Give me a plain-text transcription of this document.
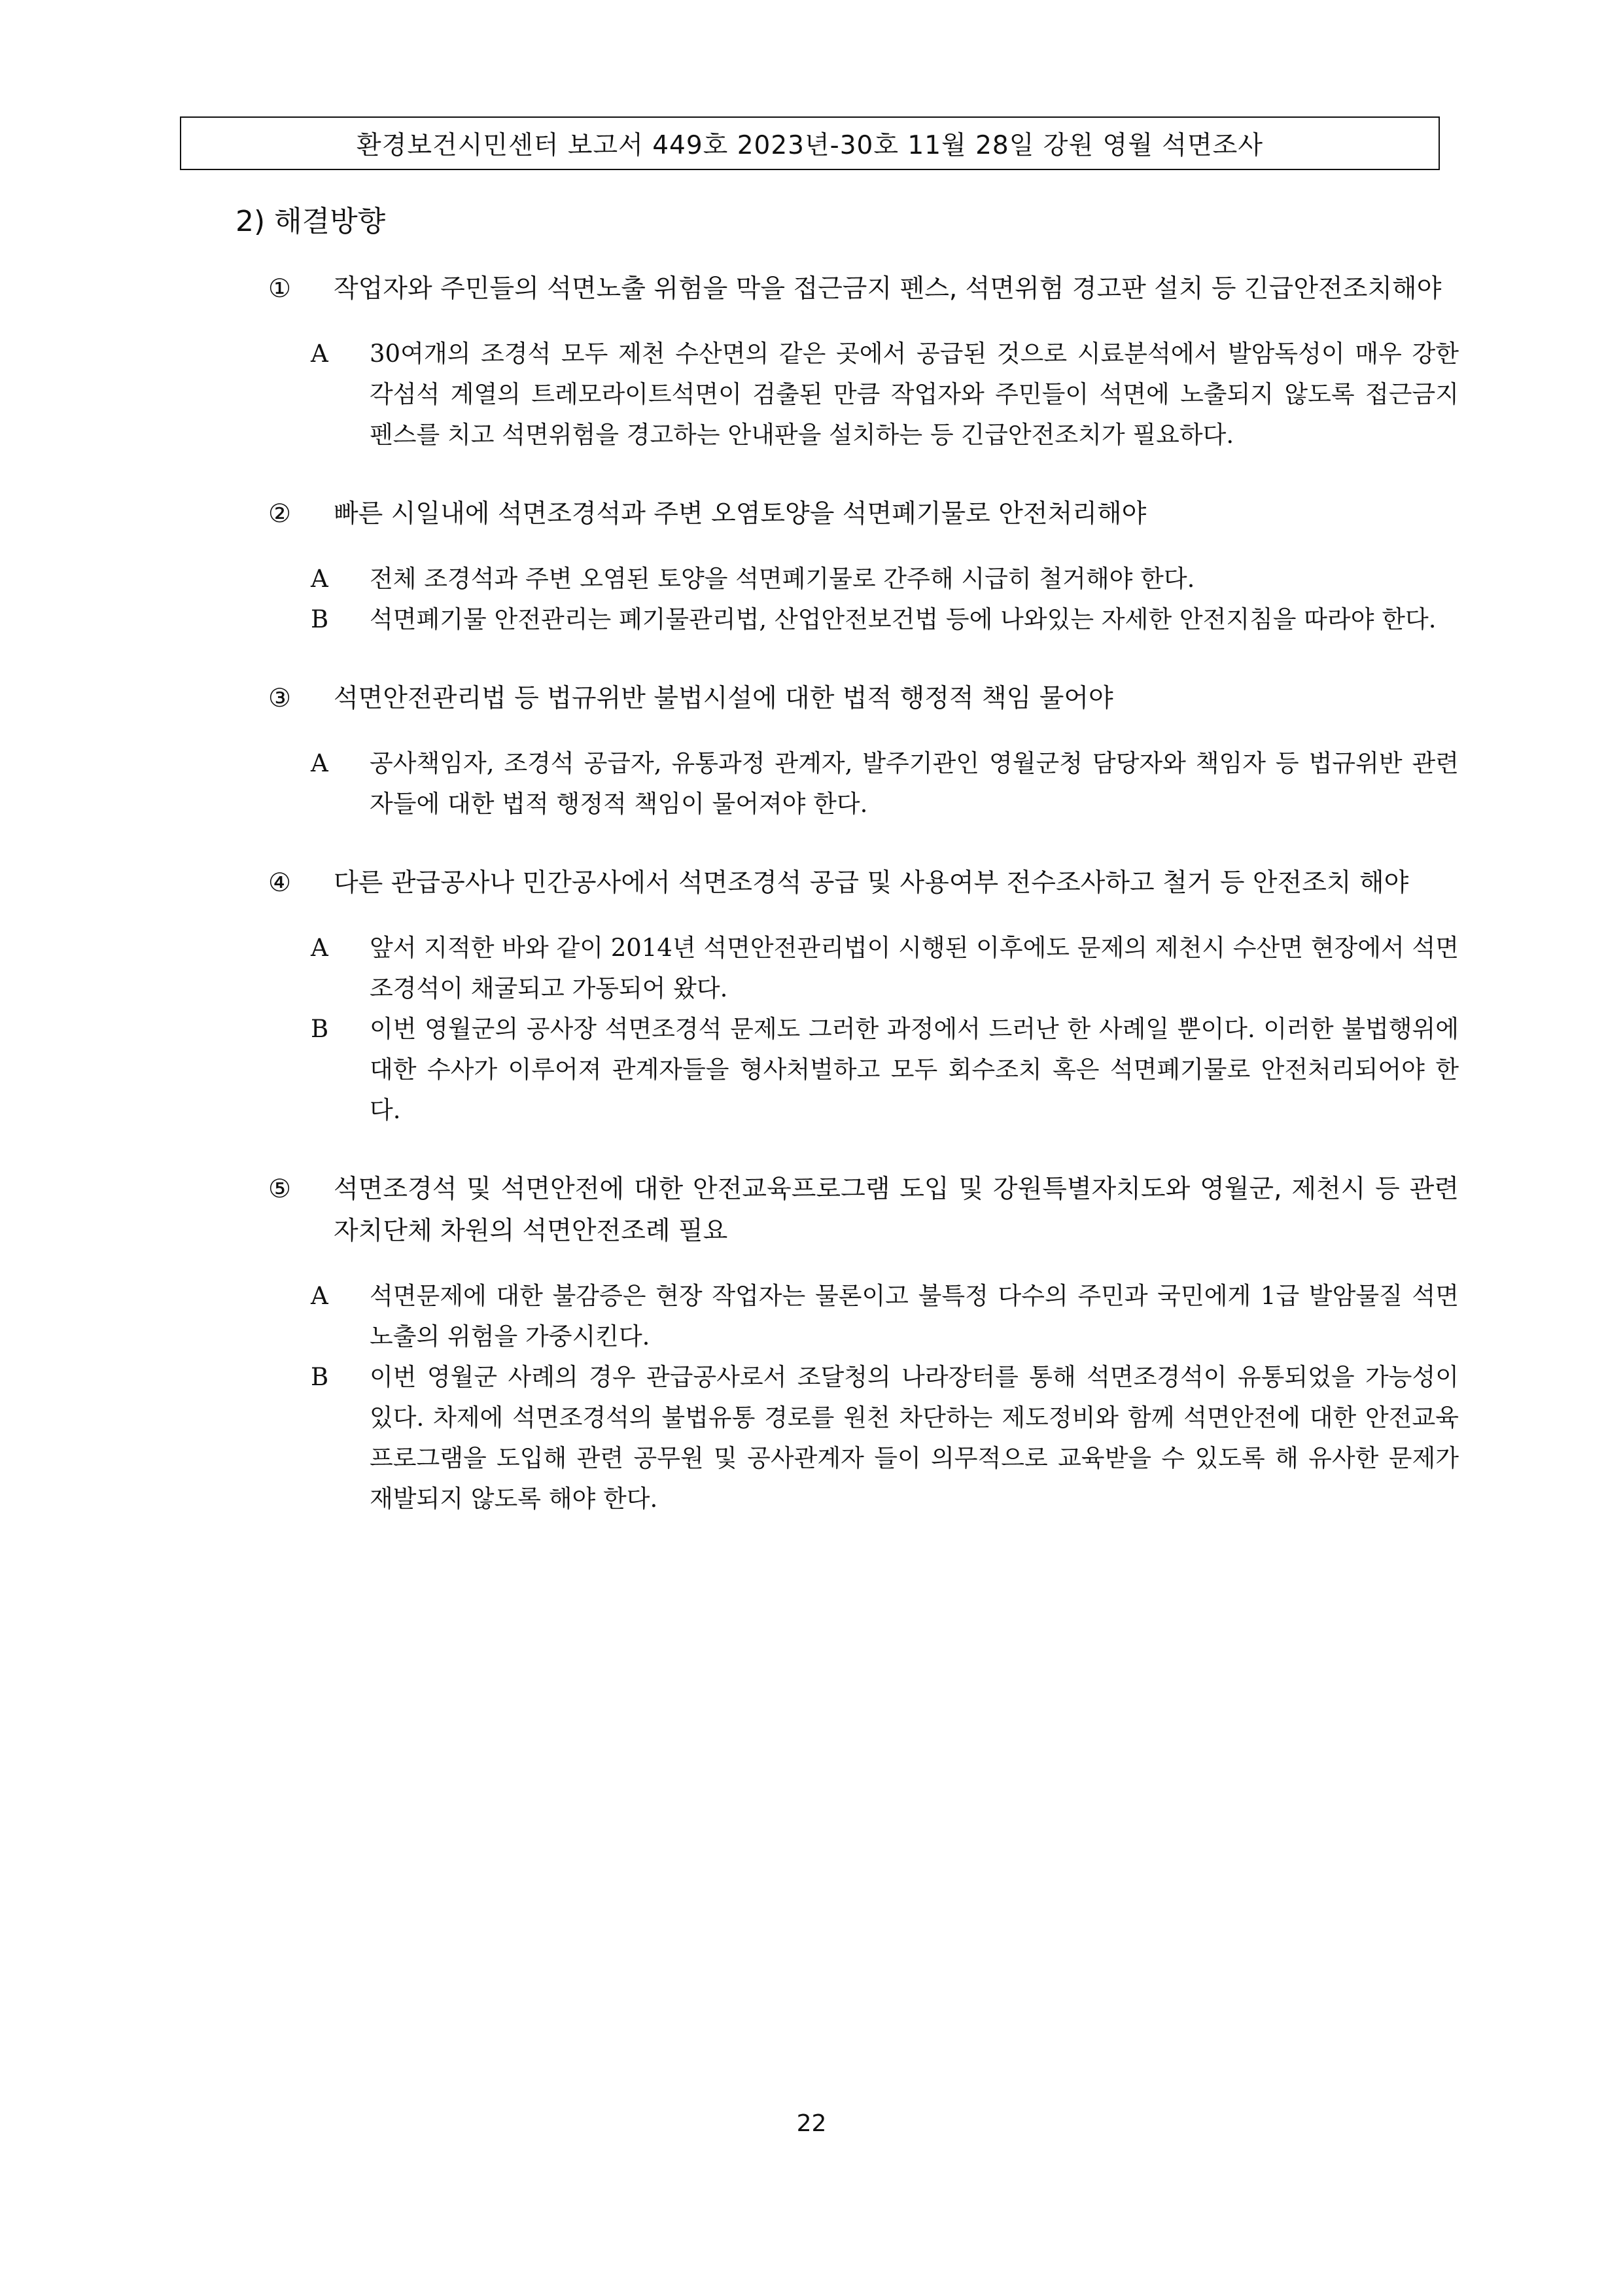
환경보건시민센터 보고서 449호 2023년-30호 11월 28일 강원 영월 석면조사
2) 해결방향
①	작업자와 주민들의 석면노출 위험을 막을 접근금지 펜스, 석면위험 경고판 설치 등 긴급안전조치해야
A	30여개의 조경석 모두 제천 수산면의 같은 곳에서 공급된 것으로 시료분석에서 발암독성이 매우 강한 각섬석 계열의 트레모라이트석면이 검출된 만큼 작업자와 주민들이 석면에 노출되지 않도록 접근금지 펜스를 치고 석면위험을 경고하는 안내판을 설치하는 등 긴급안전조치가 필요하다.
②	빠른 시일내에 석면조경석과 주변 오염토양을 석면폐기물로 안전처리해야
A	전체 조경석과 주변 오염된 토양을 석면폐기물로 간주해 시급히 철거해야 한다.
B	석면폐기물 안전관리는 폐기물관리법, 산업안전보건법 등에 나와있는 자세한 안전지침을 따라야 한다.
③	석면안전관리법 등 법규위반 불법시설에 대한 법적 행정적 책임 물어야
A	공사책임자, 조경석 공급자, 유통과정 관계자, 발주기관인 영월군청 담당자와 책임자 등 법규위반 관련자들에 대한 법적 행정적 책임이 물어져야 한다.
④	다른 관급공사나 민간공사에서 석면조경석 공급 및 사용여부 전수조사하고 철거 등 안전조치 해야
A	앞서 지적한 바와 같이 2014년 석면안전관리법이 시행된 이후에도 문제의 제천시 수산면 현장에서 석면조경석이 채굴되고 가동되어 왔다.
B	이번 영월군의 공사장 석면조경석 문제도 그러한 과정에서 드러난 한 사례일 뿐이다. 이러한 불법행위에 대한 수사가 이루어져 관계자들을 형사처벌하고 모두 회수조치 혹은 석면폐기물로 안전처리되어야 한다.
⑤	석면조경석 및 석면안전에 대한 안전교육프로그램 도입 및 강원특별자치도와 영월군, 제천시 등 관련 자치단체 차원의 석면안전조례 필요
A	석면문제에 대한 불감증은 현장 작업자는 물론이고 불특정 다수의 주민과 국민에게 1급 발암물질 석면노출의 위험을 가중시킨다.
B	이번 영월군 사례의 경우 관급공사로서 조달청의 나라장터를 통해 석면조경석이 유통되었을 가능성이 있다. 차제에 석면조경석의 불법유통 경로를 원천 차단하는 제도정비와 함께 석면안전에 대한 안전교육프로그램을 도입해 관련 공무원 및 공사관계자 들이 의무적으로 교육받을 수 있도록 해 유사한 문제가 재발되지 않도록 해야 한다.
22
